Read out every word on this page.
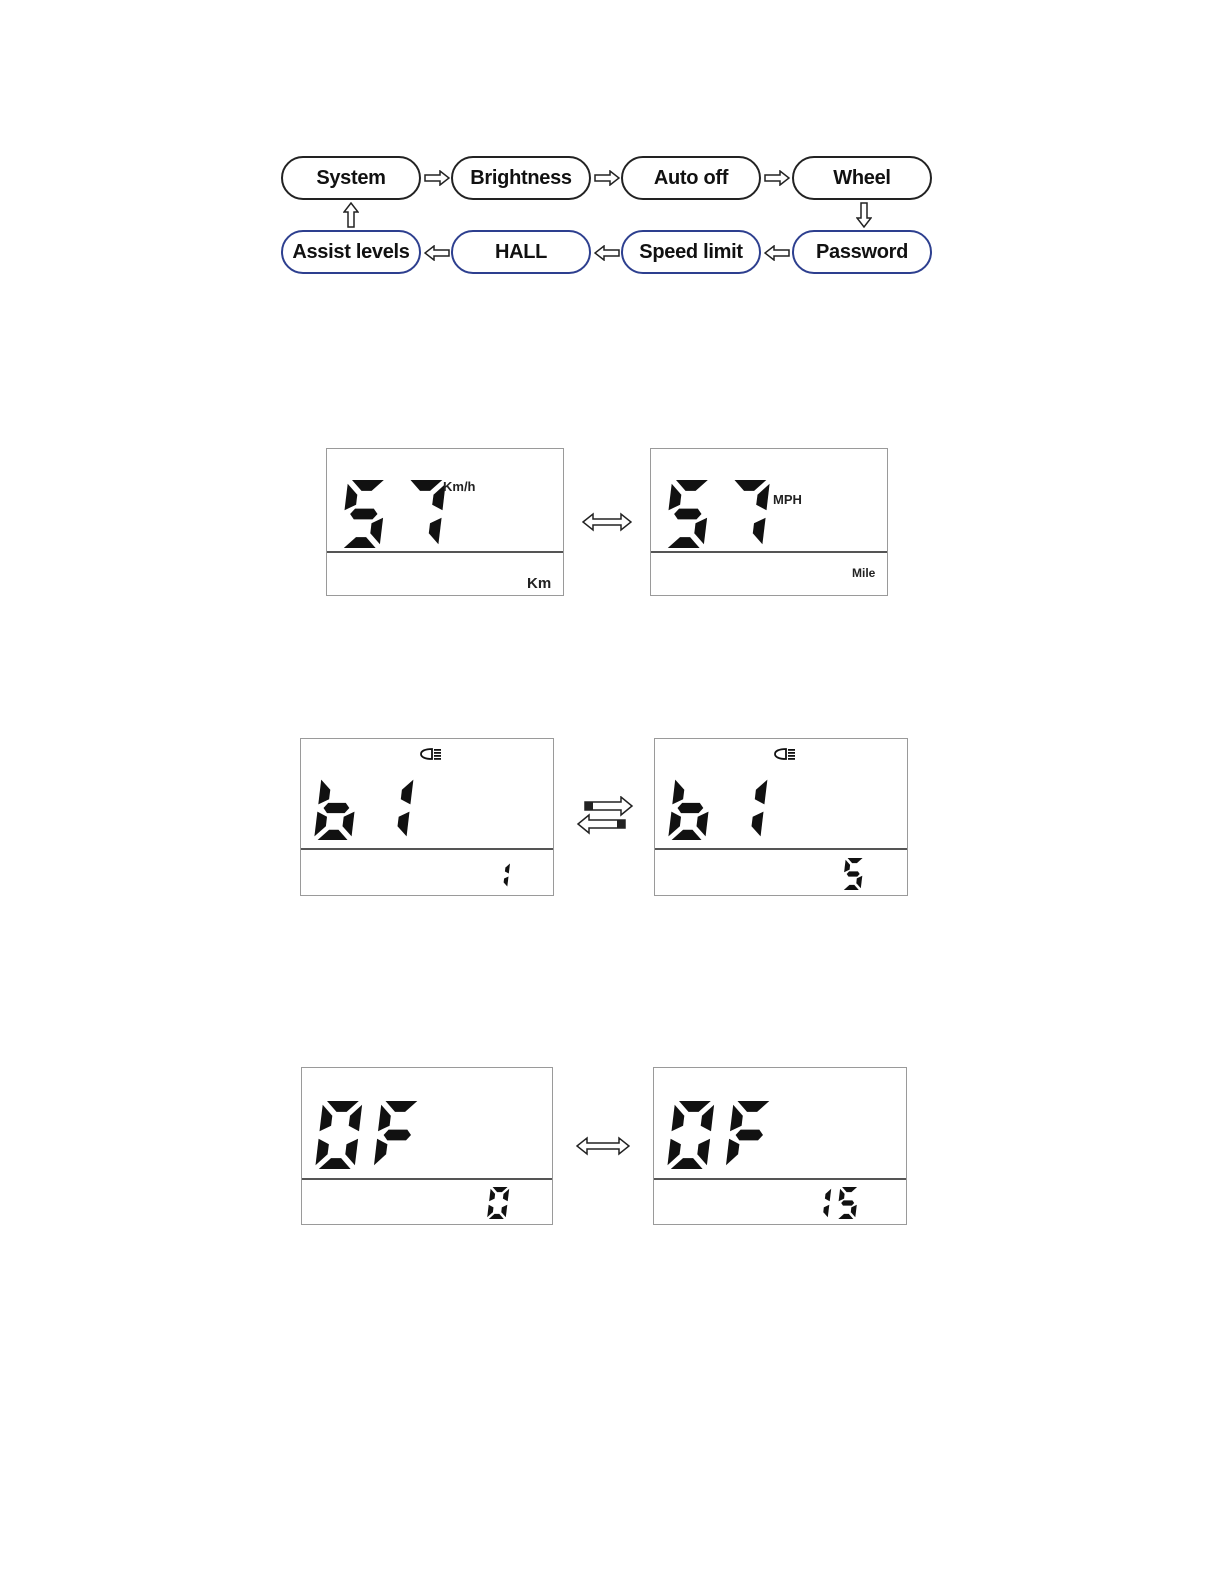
System	Brightness	Auto off	Wheel
Password
Speed limit
HALL
Assist levels
Km/h
Km
MPH
Mile
